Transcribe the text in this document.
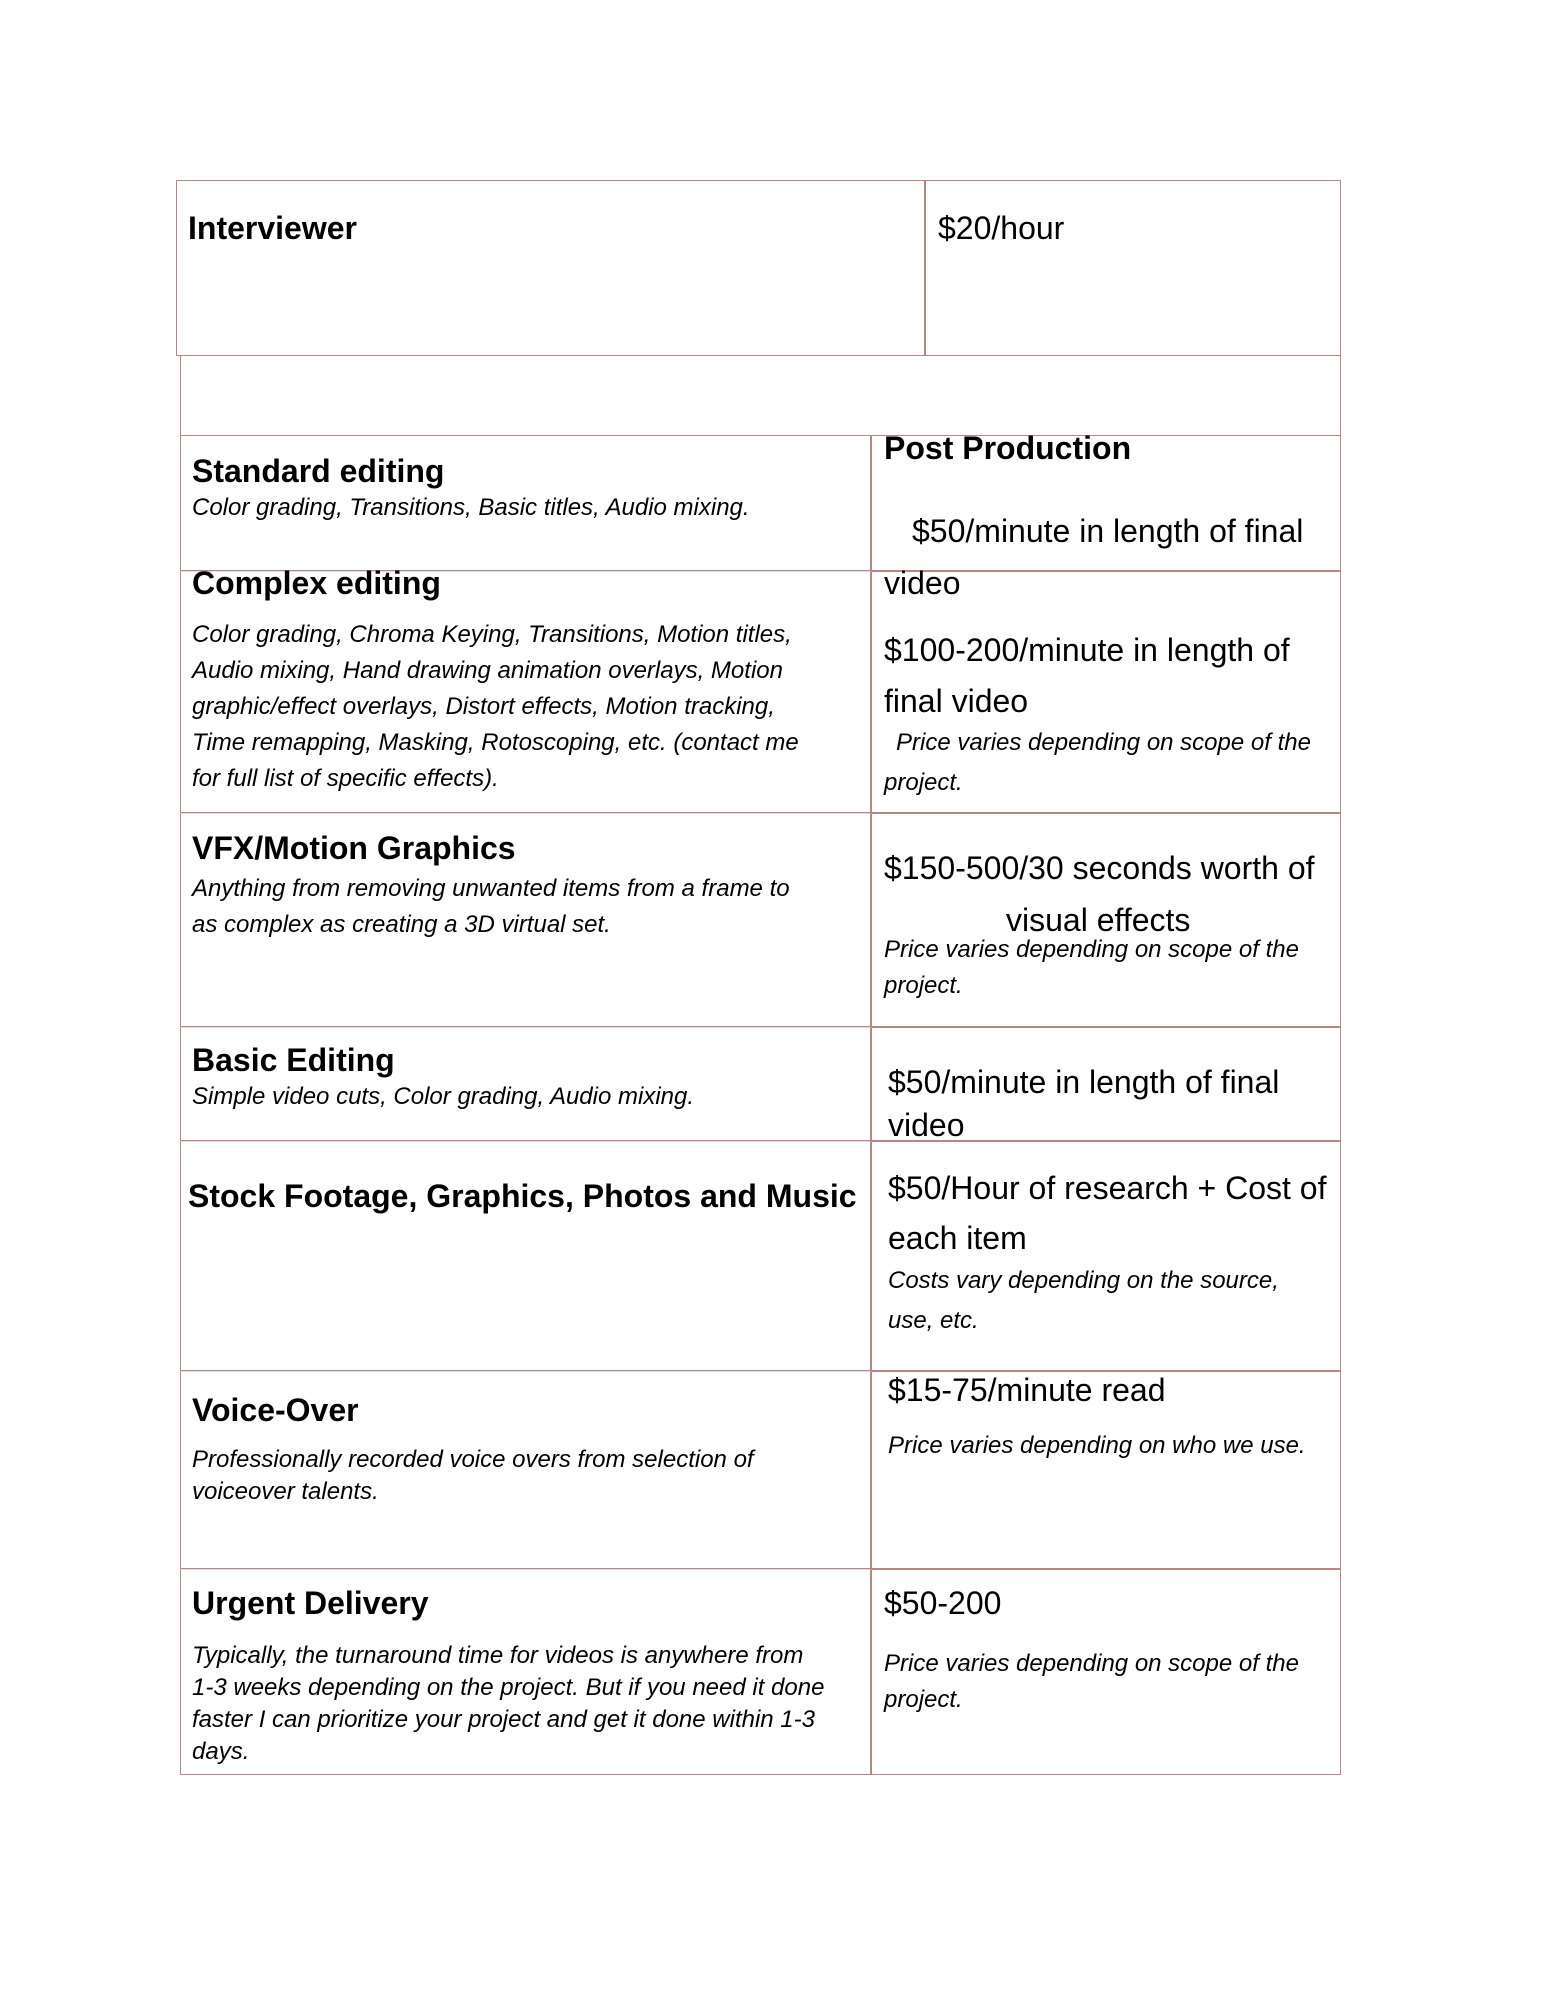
Interviewer	$20/hour
Standard editing
Color grading, Transitions, Basic titles, Audio mixing.
Post Production
$50/minute in length of final
video
Complex editing
Color grading, Chroma Keying, Transitions, Motion titles,
Audio mixing, Hand drawing animation overlays, Motion
graphic/effect overlays, Distort effects, Motion tracking,
Time remapping, Masking, Rotoscoping, etc. (contact me
for full list of specific effects).
$100-200/minute in length of
final video
Price varies depending on scope of the
project.
VFX/Motion Graphics
Anything from removing unwanted items from a frame to
as complex as creating a 3D virtual set.
$150-500/30 seconds worth of
visual effects
Price varies depending on scope of the
project.
Basic Editing
Simple video cuts, Color grading, Audio mixing.	$50/minute in length of final
video
Stock Footage, Graphics, Photos and Music $50/Hour of research + Cost of
each item
Costs vary depending on the source,
use, etc.
Voice-Over
Professionally recorded voice overs from selection of
voiceover talents.
$15-75/minute read
Price varies depending on who we use.
Urgent Delivery
Typically, the turnaround time for videos is anywhere from
1-3 weeks depending on the project. But if you need it done
faster I can prioritize your project and get it done within 1-3
days.
$50-200
Price varies depending on scope of the
project.
